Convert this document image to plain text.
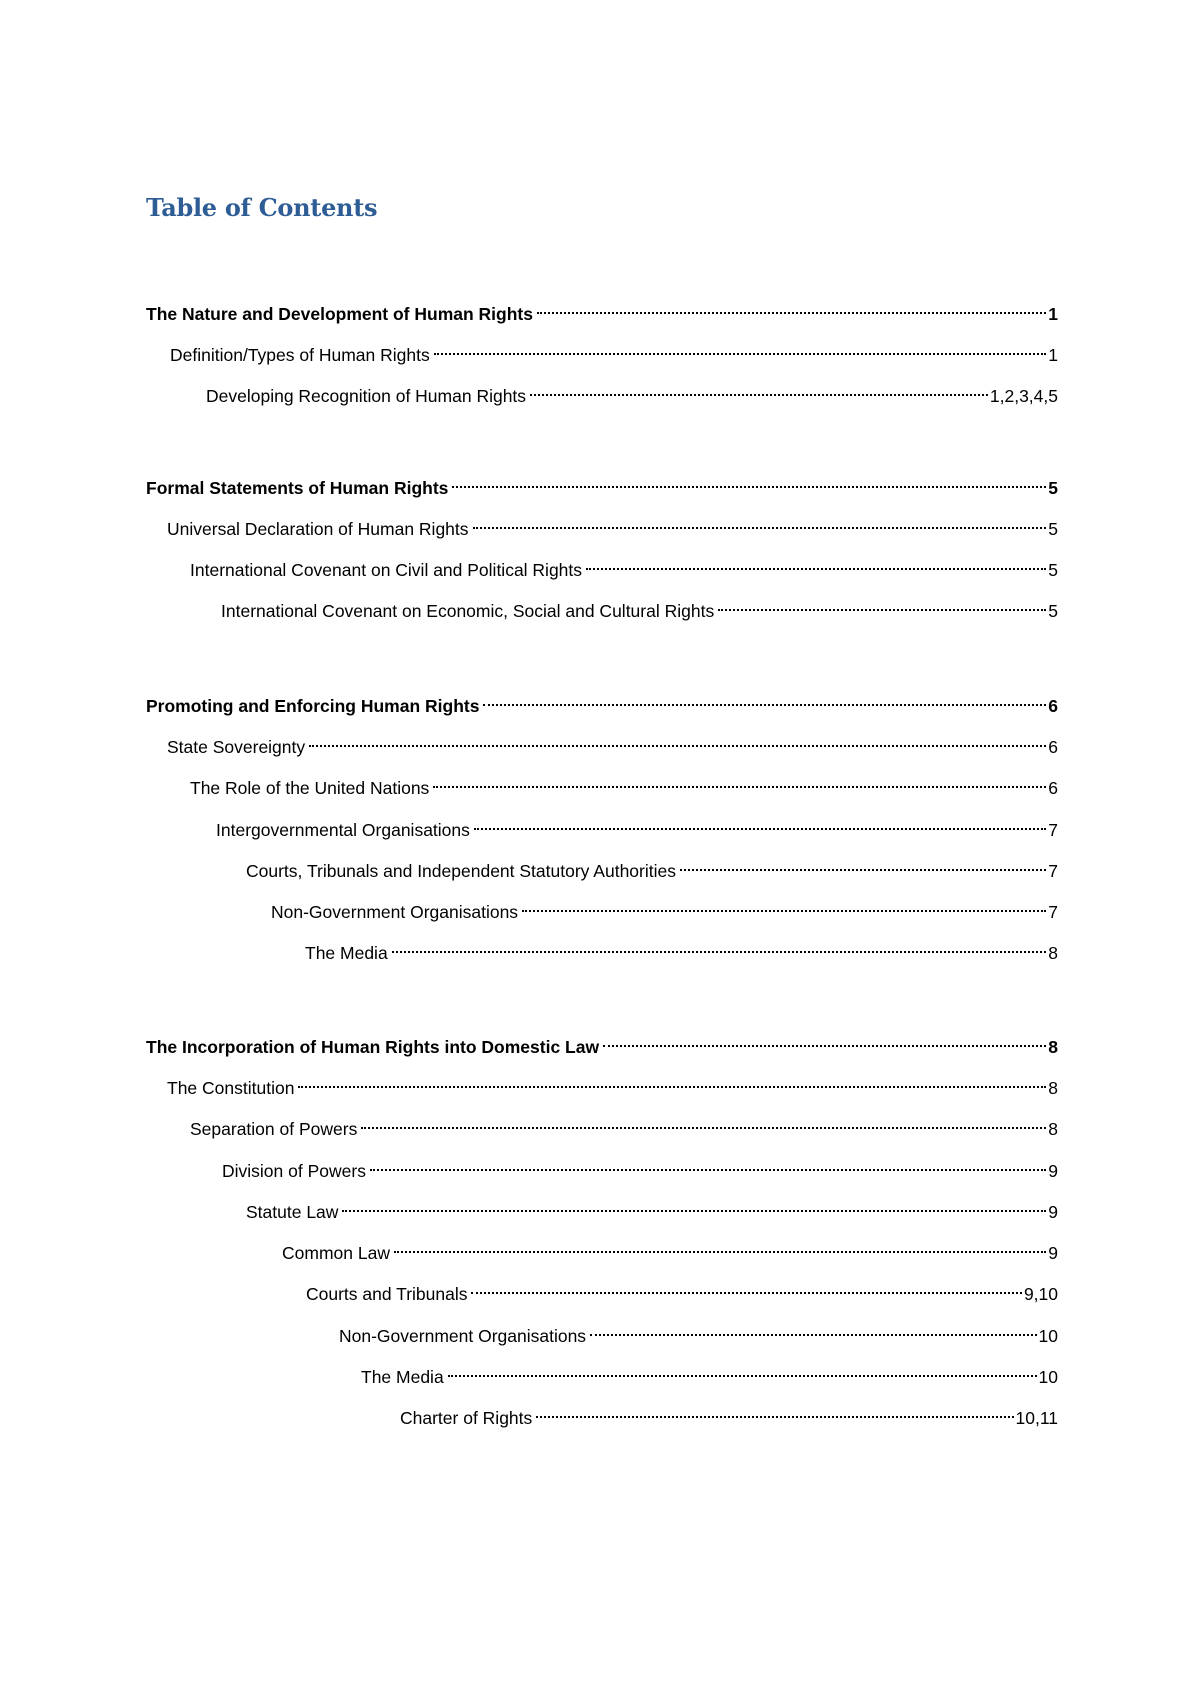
Table of Contents
The Nature and Development of Human Rights	1
Definition/Types of Human Rights	1
Developing Recognition of Human Rights	1,2,3,4,5
Formal Statements of Human Rights	5
Universal Declaration of Human Rights	5
International Covenant on Civil and Political Rights	5
International Covenant on Economic, Social and Cultural Rights	5
Promoting and Enforcing Human Rights	6
State Sovereignty	6
The Role of the United Nations	6
Intergovernmental Organisations	7
Courts, Tribunals and Independent Statutory Authorities	7
Non-Government Organisations	7
The Media	8
The Incorporation of Human Rights into Domestic Law	8
The Constitution	8
Separation of Powers	8
Division of Powers	9
Statute Law	9
Common Law	9
Courts and Tribunals	9,10
Non-Government Organisations	10
The Media	10
Charter of Rights	10,11
